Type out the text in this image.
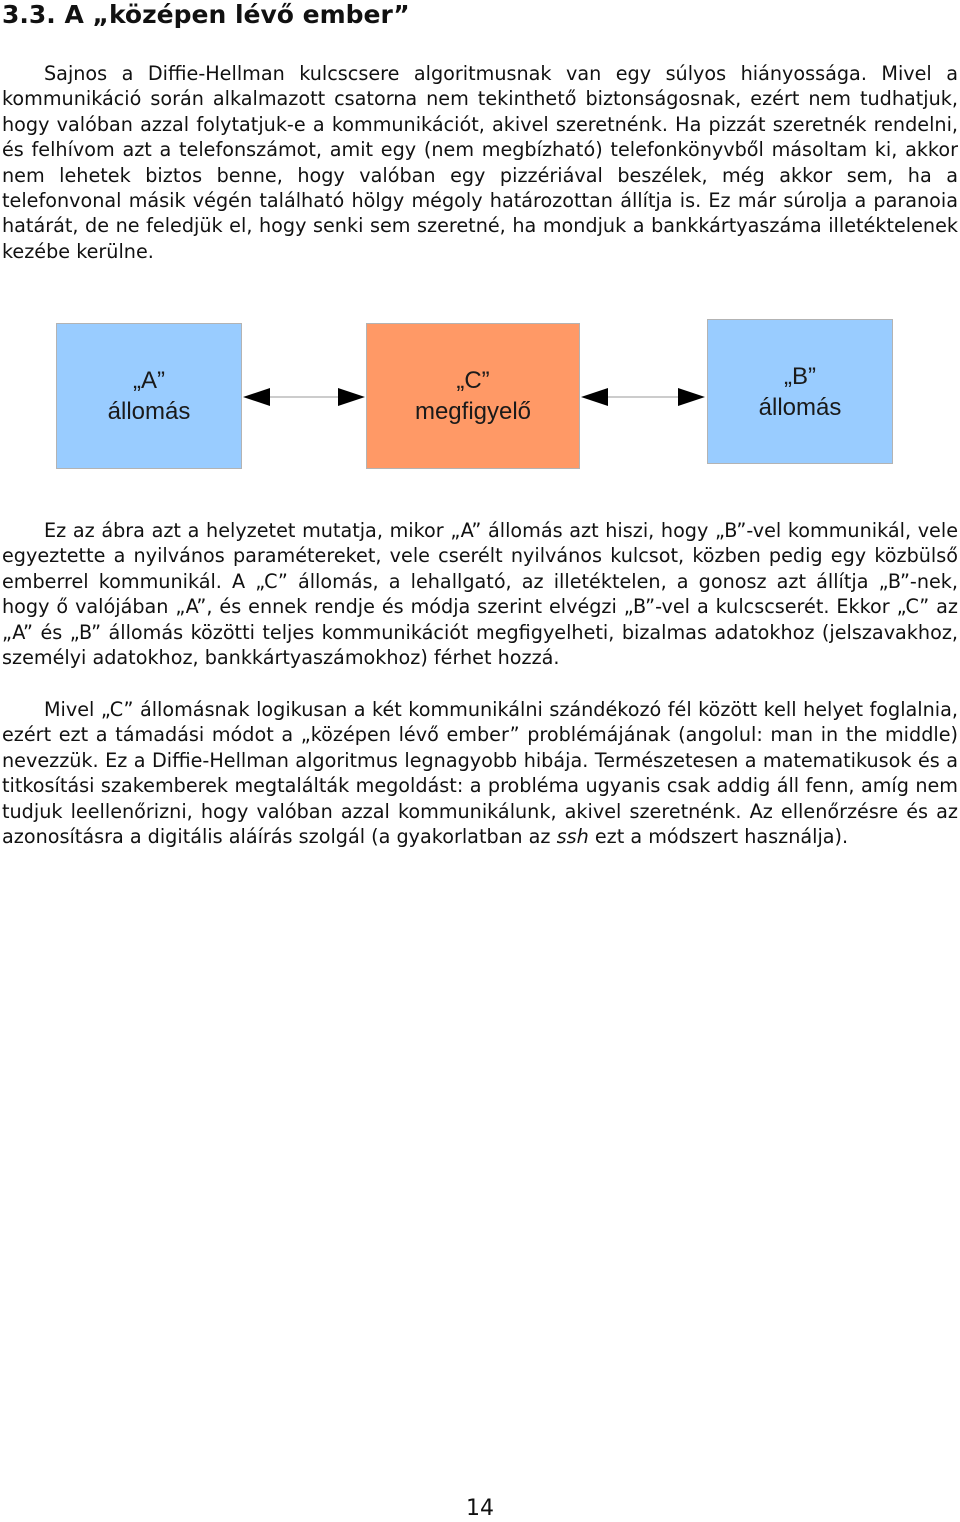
3.3. A „középen lévő ember”

Sajnos a Diffie-Hellman kulcscsere algoritmusnak van egy súlyos hiányossága. Mivel a kommunikáció során alkalmazott csatorna nem tekinthető biztonságosnak, ezért nem tudhatjuk, hogy valóban azzal folytatjuk-e a kommunikációt, akivel szeretnénk. Ha pizzát szeretnék rendelni, és felhívom azt a telefonszámot, amit egy (nem megbízható) telefonkönyvből másoltam ki, akkor nem lehetek biztos benne, hogy valóban egy pizzériával beszélek, még akkor sem, ha a telefonvonal másik végén található hölgy mégoly határozottan állítja is. Ez már súrolja a paranoia határát, de ne feledjük el, hogy senki sem szeretné, ha mondjuk a bankkártyaszáma illetéktelenek kezébe kerülne.

„A”
állomás
„C”
megfigyelő
„B”
állomás

Ez az ábra azt a helyzetet mutatja, mikor „A” állomás azt hiszi, hogy „B”-vel kommunikál, vele egyeztette a nyilvános paramétereket, vele cserélt nyilvános kulcsot, közben pedig egy közbülső emberrel kommunikál. A „C” állomás, a lehallgató, az illetéktelen, a gonosz azt állítja „B”-nek, hogy ő valójában „A”, és ennek rendje és módja szerint elvégzi „B”-vel a kulcscserét. Ekkor „C” az „A” és „B” állomás közötti teljes kommunikációt megfigyelheti, bizalmas adatokhoz (jelszavakhoz, személyi adatokhoz, bankkártyaszámokhoz) férhet hozzá.

Mivel „C” állomásnak logikusan a két kommunikálni szándékozó fél között kell helyet foglalnia, ezért ezt a támadási módot a „középen lévő ember” problémájának (angolul: man in the middle) nevezzük. Ez a Diffie-Hellman algoritmus legnagyobb hibája. Természetesen a matematikusok és a titkosítási szakemberek megtalálták megoldást: a probléma ugyanis csak addig áll fenn, amíg nem tudjuk leellenőrizni, hogy valóban azzal kommunikálunk, akivel szeretnénk. Az ellenőrzésre és az azonosításra a digitális aláírás szolgál (a gyakorlatban az ssh ezt a módszert használja).

14
